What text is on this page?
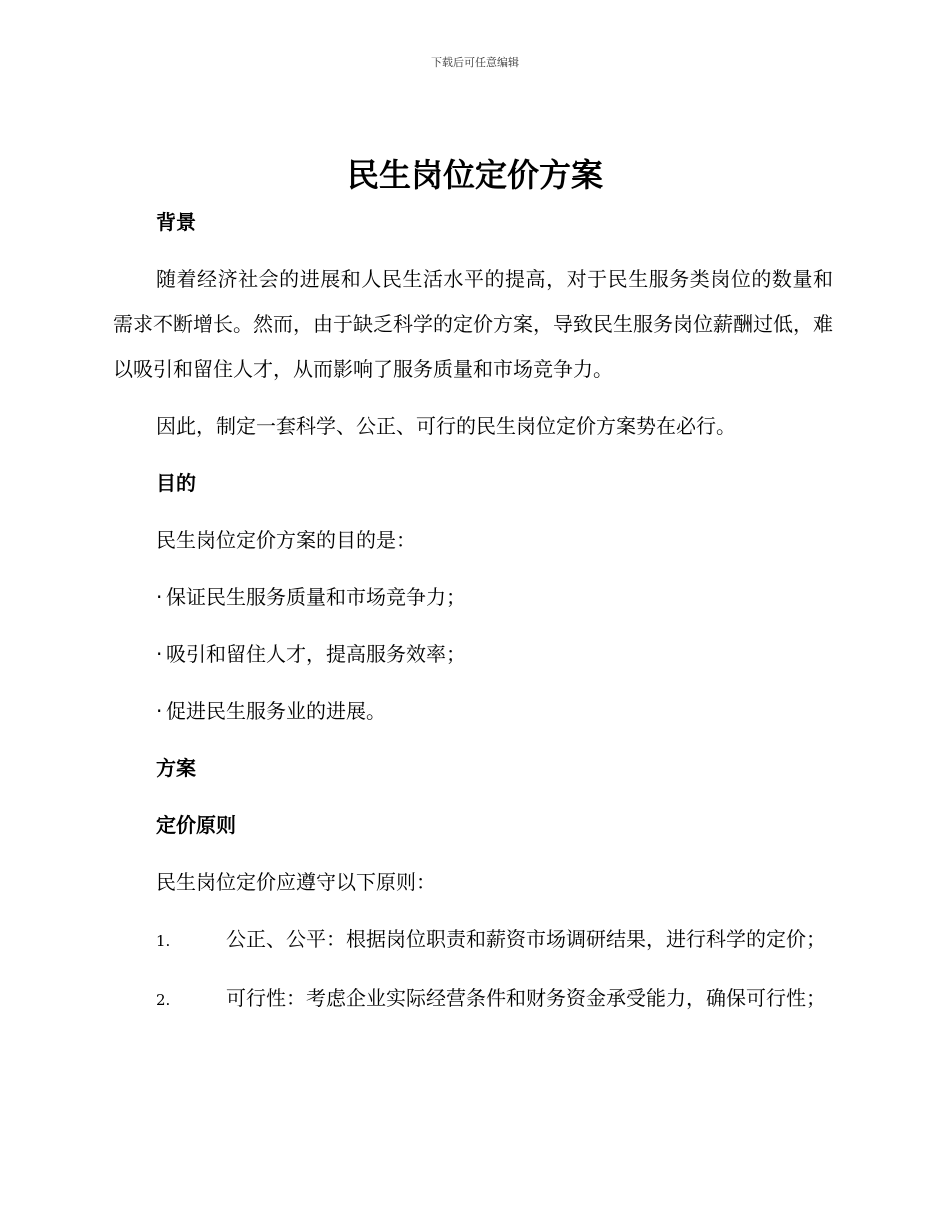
下载后可任意编辑
民生岗位定价方案
背景

随着经济社会的进展和人民生活水平的提高，对于民生服务类岗位的数量和需求不断增长。然而，由于缺乏科学的定价方案，导致民生服务岗位薪酬过低，难以吸引和留住人才，从而影响了服务质量和市场竞争力。

因此，制定一套科学、公正、可行的民生岗位定价方案势在必行。

目的

民生岗位定价方案的目的是：

· 保证民生服务质量和市场竞争力；

· 吸引和留住人才，提高服务效率；

· 促进民生服务业的进展。

方案
定价原则

民生岗位定价应遵守以下原则：

1.	公正、公平：根据岗位职责和薪资市场调研结果，进行科学的定价；

2.	可行性：考虑企业实际经营条件和财务资金承受能力，确保可行性；
